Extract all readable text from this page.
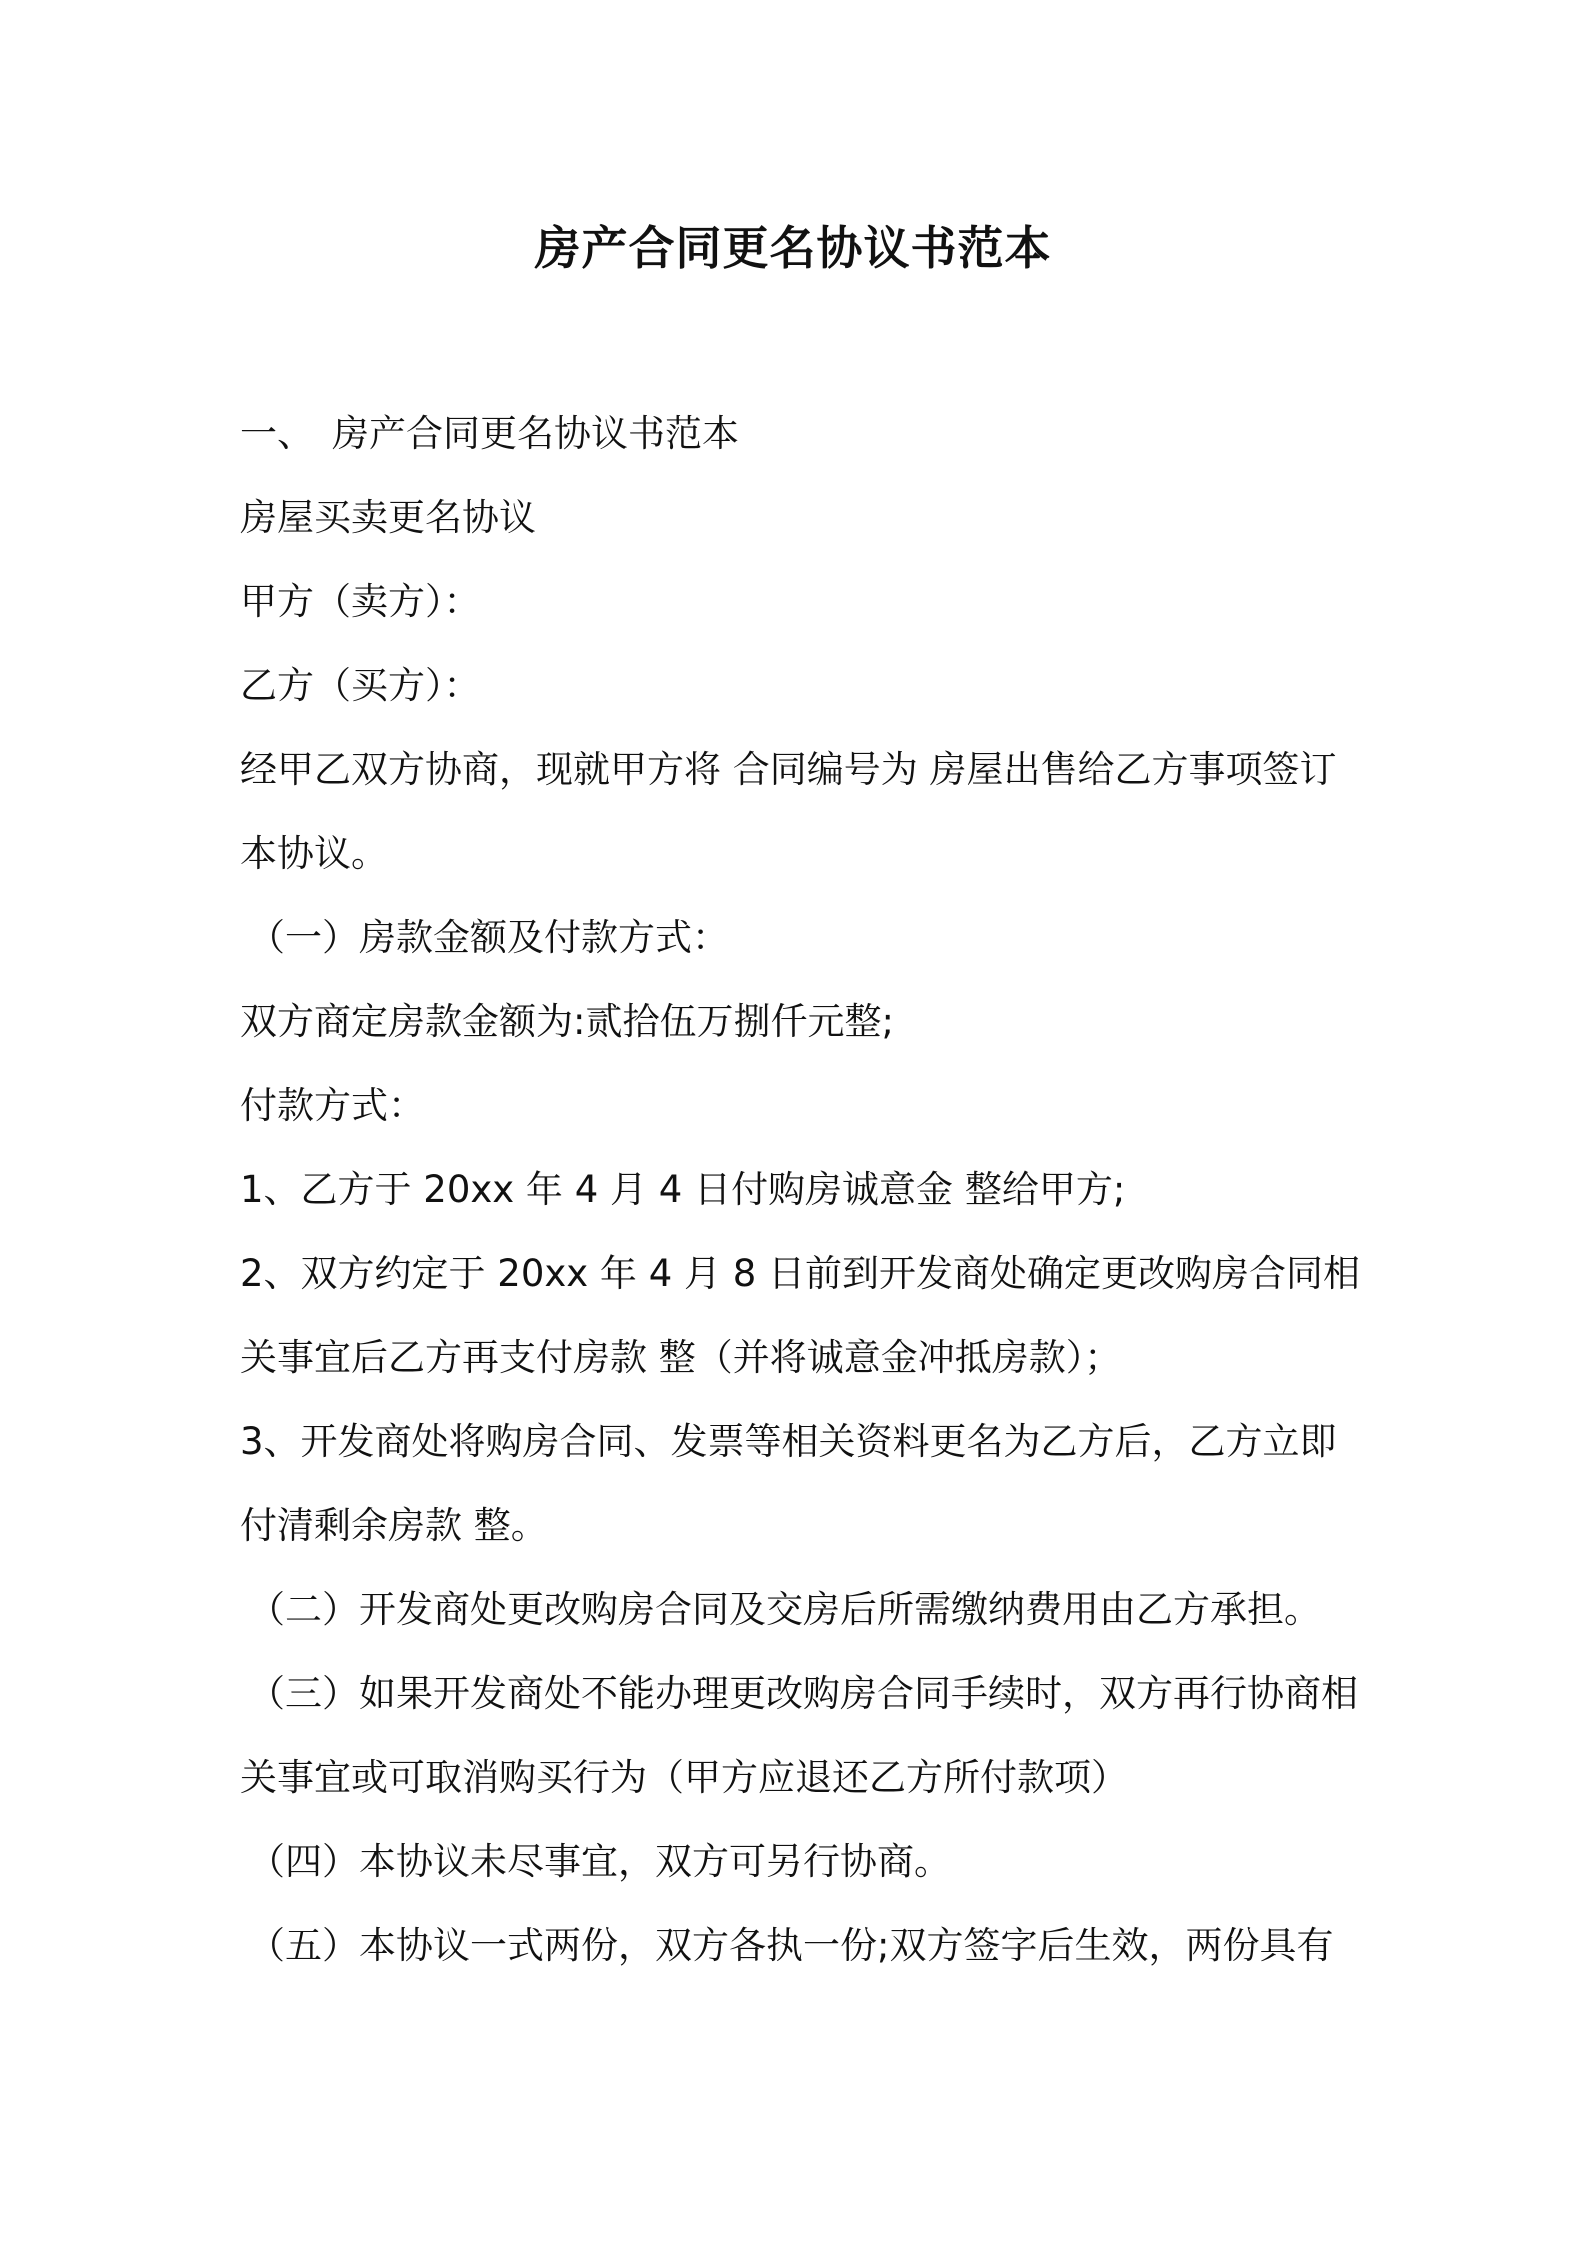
房产合同更名协议书范本
一、 房产合同更名协议书范本
房屋买卖更名协议
甲方（卖方）：
乙方（买方）：
经甲乙双方协商，现就甲方将 合同编号为 房屋出售给乙方事项签订
本协议。
（一）房款金额及付款方式：
双方商定房款金额为:贰拾伍万捌仟元整;
付款方式：
1、乙方于 20xx 年 4 月 4 日付购房诚意金 整给甲方;
2、双方约定于 20xx 年 4 月 8 日前到开发商处确定更改购房合同相
关事宜后乙方再支付房款 整（并将诚意金冲抵房款）；
3、开发商处将购房合同、发票等相关资料更名为乙方后，乙方立即
付清剩余房款 整。
（二）开发商处更改购房合同及交房后所需缴纳费用由乙方承担。
（三）如果开发商处不能办理更改购房合同手续时，双方再行协商相
关事宜或可取消购买行为（甲方应退还乙方所付款项）
（四）本协议未尽事宜，双方可另行协商。
（五）本协议一式两份，双方各执一份;双方签字后生效，两份具有
